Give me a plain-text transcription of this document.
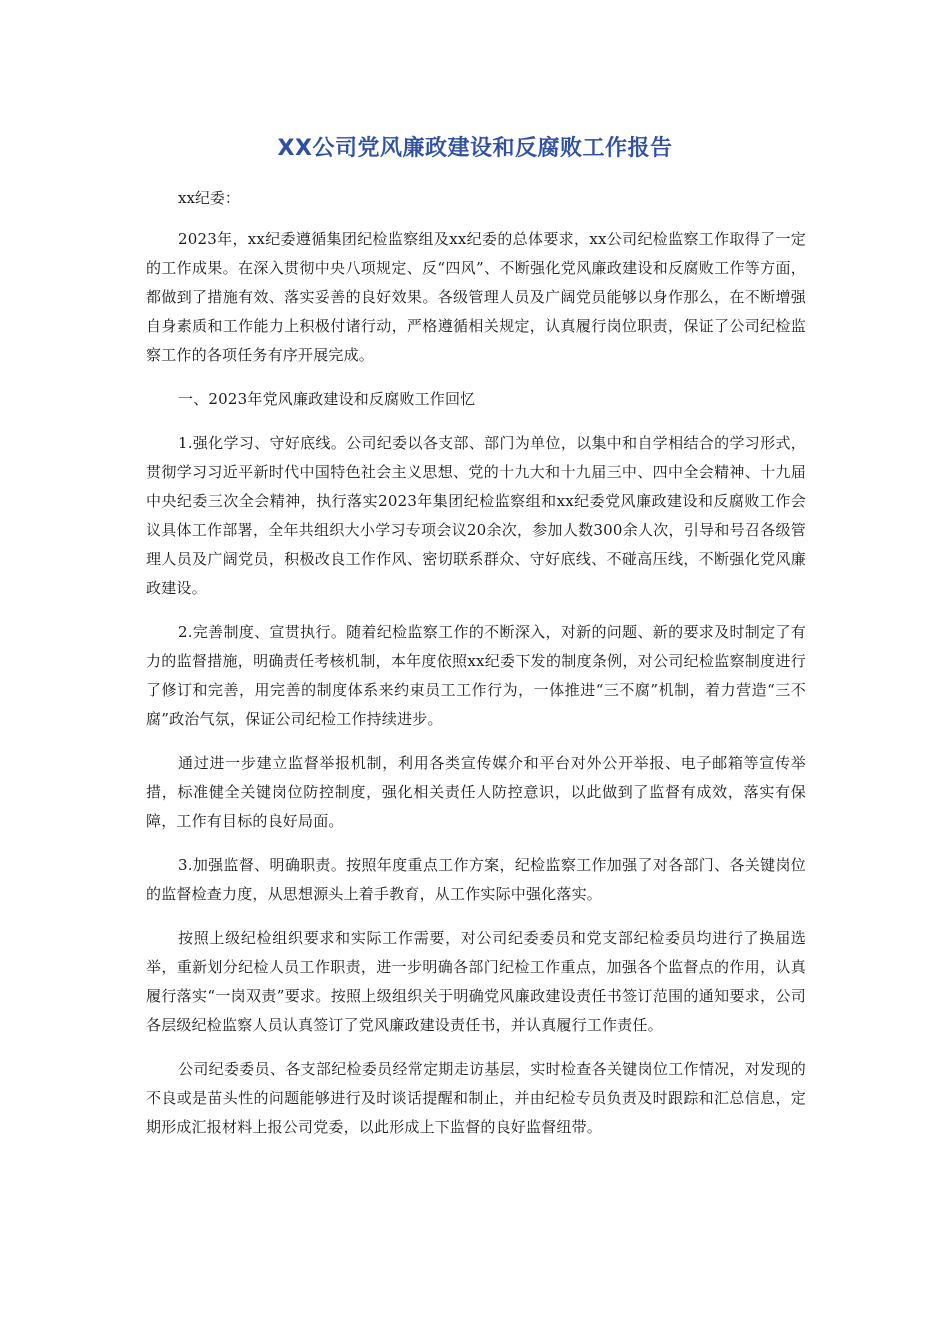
XX公司党风廉政建设和反腐败工作报告

xx纪委：

2023年，xx纪委遵循集团纪检监察组及xx纪委的总体要求，xx公司纪检监察工作取得了一定的工作成果。在深入贯彻中央八项规定、反“四风”、不断强化党风廉政建设和反腐败工作等方面，都做到了措施有效、落实妥善的良好效果。各级管理人员及广阔党员能够以身作那么，在不断增强自身素质和工作能力上积极付诸行动，严格遵循相关规定，认真履行岗位职责，保证了公司纪检监察工作的各项任务有序开展完成。

一、2023年党风廉政建设和反腐败工作回忆

1.强化学习、守好底线。公司纪委以各支部、部门为单位，以集中和自学相结合的学习形式，贯彻学习习近平新时代中国特色社会主义思想、党的十九大和十九届三中、四中全会精神、十九届中央纪委三次全会精神，执行落实2023年集团纪检监察组和xx纪委党风廉政建设和反腐败工作会议具体工作部署，全年共组织大小学习专项会议20余次，参加人数300余人次，引导和号召各级管理人员及广阔党员，积极改良工作作风、密切联系群众、守好底线、不碰高压线，不断强化党风廉政建设。

2.完善制度、宣贯执行。随着纪检监察工作的不断深入，对新的问题、新的要求及时制定了有力的监督措施，明确责任考核机制，本年度依照xx纪委下发的制度条例，对公司纪检监察制度进行了修订和完善，用完善的制度体系来约束员工工作行为，一体推进“三不腐”机制，着力营造“三不腐”政治气氛，保证公司纪检工作持续进步。

通过进一步建立监督举报机制，利用各类宣传媒介和平台对外公开举报、电子邮箱等宣传举措，标准健全关键岗位防控制度，强化相关责任人防控意识，以此做到了监督有成效，落实有保障，工作有目标的良好局面。

3.加强监督、明确职责。按照年度重点工作方案，纪检监察工作加强了对各部门、各关键岗位的监督检查力度，从思想源头上着手教育，从工作实际中强化落实。

按照上级纪检组织要求和实际工作需要，对公司纪委委员和党支部纪检委员均进行了换届选举，重新划分纪检人员工作职责，进一步明确各部门纪检工作重点，加强各个监督点的作用，认真履行落实“一岗双责”要求。按照上级组织关于明确党风廉政建设责任书签订范围的通知要求，公司各层级纪检监察人员认真签订了党风廉政建设责任书，并认真履行工作责任。

公司纪委委员、各支部纪检委员经常定期走访基层，实时检查各关键岗位工作情况，对发现的不良或是苗头性的问题能够进行及时谈话提醒和制止，并由纪检专员负责及时跟踪和汇总信息，定期形成汇报材料上报公司党委，以此形成上下监督的良好监督纽带。
